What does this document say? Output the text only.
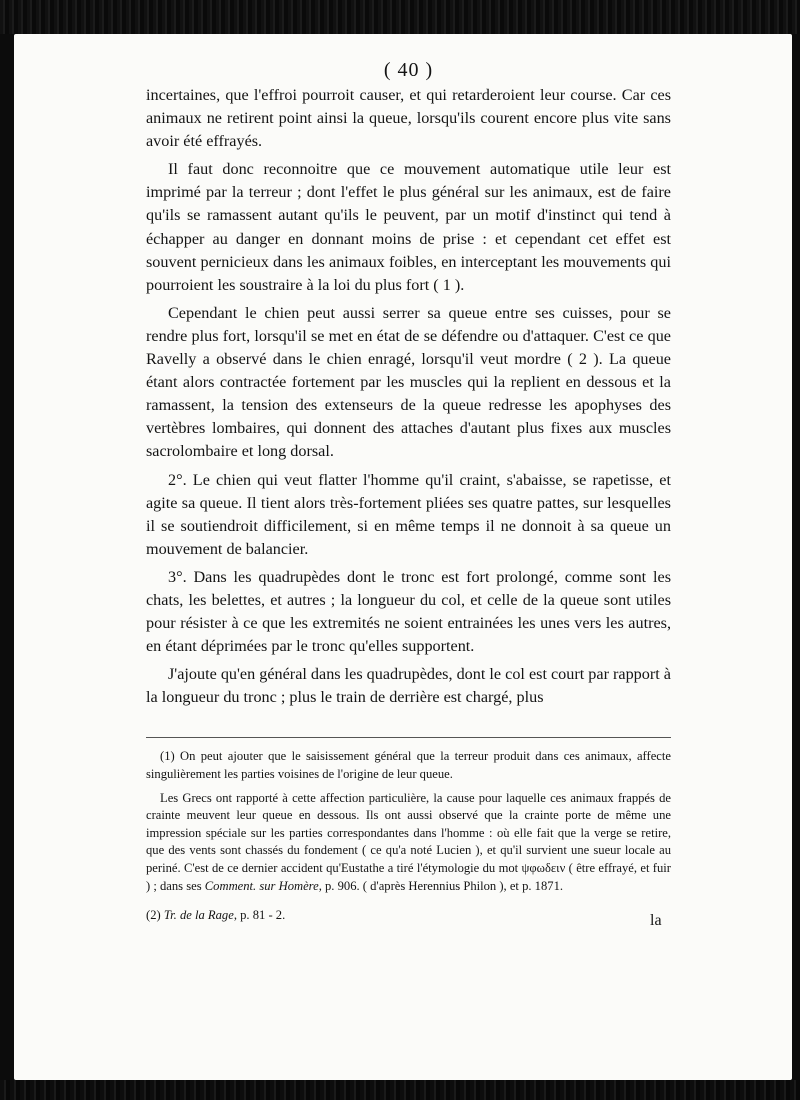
( 40 )

incertaines, que l'effroi pourroit causer, et qui retarderoient leur course. Car ces animaux ne retirent point ainsi la queue, lorsqu'ils courent encore plus vite sans avoir été effrayés.

Il faut donc reconnoitre que ce mouvement automatique utile leur est imprimé par la terreur ; dont l'effet le plus général sur les animaux, est de faire qu'ils se ramassent autant qu'ils le peuvent, par un motif d'instinct qui tend à échapper au danger en donnant moins de prise : et cependant cet effet est souvent pernicieux dans les animaux foibles, en interceptant les mouvements qui pourroient les soustraire à la loi du plus fort ( 1 ).

Cependant le chien peut aussi serrer sa queue entre ses cuisses, pour se rendre plus fort, lorsqu'il se met en état de se défendre ou d'attaquer. C'est ce que Ravelly a observé dans le chien enragé, lorsqu'il veut mordre ( 2 ). La queue étant alors contractée fortement par les muscles qui la replient en dessous et la ramassent, la tension des extenseurs de la queue redresse les apophyses des vertèbres lombaires, qui donnent des attaches d'autant plus fixes aux muscles sacrolombaire et long dorsal.

2°. Le chien qui veut flatter l'homme qu'il craint, s'abaisse, se rapetisse, et agite sa queue. Il tient alors très-fortement pliées ses quatre pattes, sur lesquelles il se soutiendroit difficilement, si en même temps il ne donnoit à sa queue un mouvement de balancier.

3°. Dans les quadrupèdes dont le tronc est fort prolongé, comme sont les chats, les belettes, et autres ; la longueur du col, et celle de la queue sont utiles pour résister à ce que les extremités ne soient entrainées les unes vers les autres, en étant déprimées par le tronc qu'elles supportent.

J'ajoute qu'en général dans les quadrupèdes, dont le col est court par rapport à la longueur du tronc ; plus le train de derrière est chargé, plus

(1) On peut ajouter que le saisissement général que la terreur produit dans ces animaux, affecte singulièrement les parties voisines de l'origine de leur queue.

Les Grecs ont rapporté à cette affection particulière, la cause pour laquelle ces animaux frappés de crainte meuvent leur queue en dessous. Ils ont aussi observé que la crainte porte de même une impression spéciale sur les parties correspondantes dans l'homme : où elle fait que la verge se retire, que des vents sont chassés du fondement ( ce qu'a noté Lucien ), et qu'il survient une sueur locale au periné. C'est de ce dernier accident qu'Eustathe a tiré l'étymologie du mot ψφωδειν ( être effrayé, et fuir ) ; dans ses Comment. sur Homère, p. 906. ( d'après Herennius Philon ), et p. 1871.

(2) Tr. de la Rage, p. 81 - 2.	la
